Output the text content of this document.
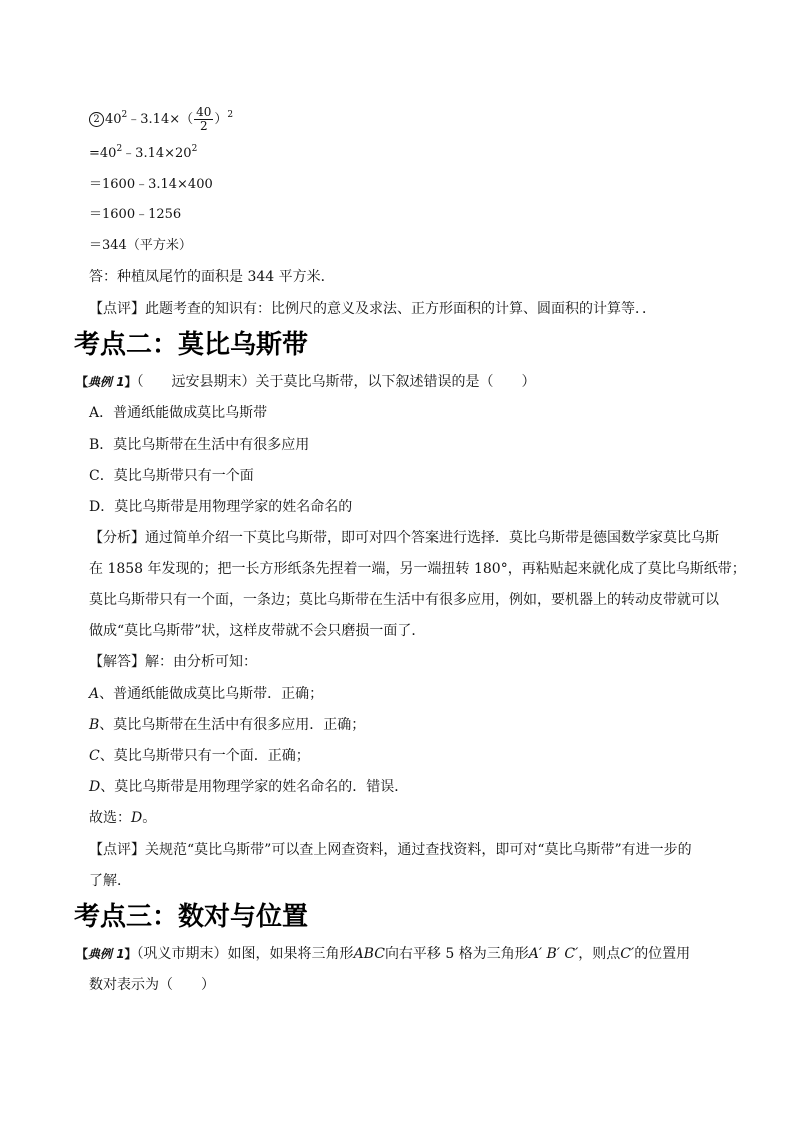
2 $40^2﹣3.14\times( \frac{40}{2} )^2$
$=40^2﹣3.14\times 20^2$
＝1600﹣3.14×400
＝1600﹣1256
＝344（平方米）
答：种植凤尾竹的面积是 344 平方米．
【点评】此题考查的知识有：比例尺的意义及求法、正方形面积的计算、圆面积的计算等．．
考点二：莫比乌斯带
【典例 1】（　　远安县期末）关于莫比乌斯带，以下叙述错误的是（　　）
A．普通纸能做成莫比乌斯带
B．莫比乌斯带在生活中有很多应用
C．莫比乌斯带只有一个面
D．莫比乌斯带是用物理学家的姓名命名的
【分析】通过简单介绍一下莫比乌斯带，即可对四个答案进行选择．莫比乌斯带是德国数学家莫比乌斯
在 1858 年发现的；把一长方形纸条先捏着一端，另一端扭转 180°，再粘贴起来就化成了莫比乌斯纸带；
莫比乌斯带只有一个面，一条边；莫比乌斯带在生活中有很多应用，例如，要机器上的转动皮带就可以
做成“莫比乌斯带”状，这样皮带就不会只磨损一面了．
【解答】解：由分析可知：
A、普通纸能做成莫比乌斯带．正确；
B、莫比乌斯带在生活中有很多应用．正确；
C、莫比乌斯带只有一个面．正确；
D、莫比乌斯带是用物理学家的姓名命名的．错误．
故选：D。
【点评】关规范“莫比乌斯带”可以查上网查资料，通过查找资料，即可对“莫比乌斯带”有进一步的
了解．
考点三：数对与位置
【典例 1】（巩义市期末）如图，如果将三角形ABC向右平移 5 格为三角形A′ B′ C′，则点C′的位置用
数对表示为（　　）
